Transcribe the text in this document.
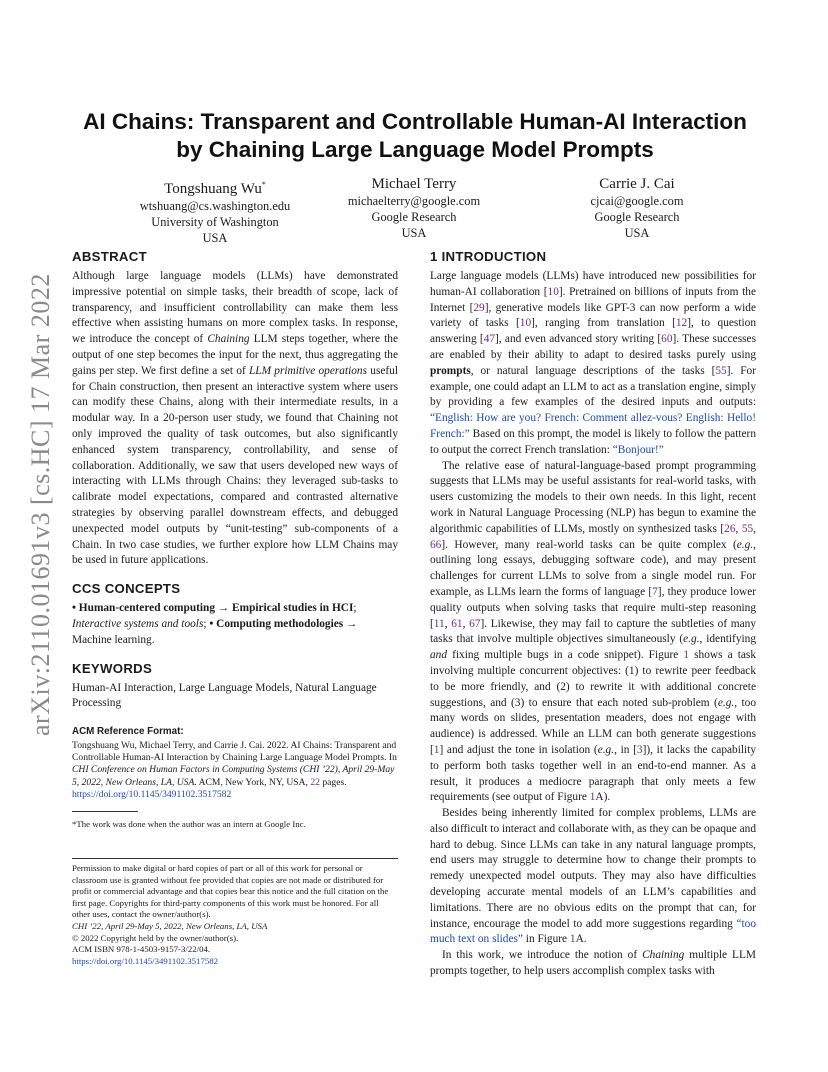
arXiv:2110.01691v3 [cs.HC] 17 Mar 2022
AI Chains: Transparent and Controllable Human-AI Interaction
by Chaining Large Language Model Prompts
Tongshuang Wu*
wtshuang@cs.washington.edu
University of Washington
USA
Michael Terry
michaelterry@google.com
Google Research
USA
Carrie J. Cai
cjcai@google.com
Google Research
USA
ABSTRACT

Although large language models (LLMs) have demonstrated impressive potential on simple tasks, their breadth of scope, lack of transparency, and insufficient controllability can make them less effective when assisting humans on more complex tasks. In response, we introduce the concept of Chaining LLM steps together, where the output of one step becomes the input for the next, thus aggregating the gains per step. We first define a set of LLM primitive operations useful for Chain construction, then present an interactive system where users can modify these Chains, along with their intermediate results, in a modular way. In a 20-person user study, we found that Chaining not only improved the quality of task outcomes, but also significantly enhanced system transparency, controllability, and sense of collaboration. Additionally, we saw that users developed new ways of interacting with LLMs through Chains: they leveraged sub-tasks to calibrate model expectations, compared and contrasted alternative strategies by observing parallel downstream effects, and debugged unexpected model outputs by “unit-testing” sub-components of a Chain. In two case studies, we further explore how LLM Chains may be used in future applications.

CCS CONCEPTS

• Human-centered computing → Empirical studies in HCI; Interactive systems and tools; • Computing methodologies → Machine learning.

KEYWORDS

Human-AI Interaction, Large Language Models, Natural Language Processing

ACM Reference Format:

Tongshuang Wu, Michael Terry, and Carrie J. Cai. 2022. AI Chains: Transparent and Controllable Human-AI Interaction by Chaining Large Language Model Prompts. In CHI Conference on Human Factors in Computing Systems (CHI ’22), April 29-May 5, 2022, New Orleans, LA, USA. ACM, New York, NY, USA, 22 pages. https://doi.org/10.1145/3491102.3517582

*The work was done when the author was an intern at Google Inc.

Permission to make digital or hard copies of part or all of this work for personal or classroom use is granted without fee provided that copies are not made or distributed for profit or commercial advantage and that copies bear this notice and the full citation on the first page. Copyrights for third-party components of this work must be honored. For all other uses, contact the owner/author(s).

CHI ’22, April 29-May 5, 2022, New Orleans, LA, USA

© 2022 Copyright held by the owner/author(s).

ACM ISBN 978-1-4503-9157-3/22/04.

https://doi.org/10.1145/3491102.3517582

1 INTRODUCTION

Large language models (LLMs) have introduced new possibilities for human-AI collaboration [10]. Pretrained on billions of inputs from the Internet [29], generative models like GPT-3 can now perform a wide variety of tasks [10], ranging from translation [12], to question answering [47], and even advanced story writing [60]. These successes are enabled by their ability to adapt to desired tasks purely using prompts, or natural language descriptions of the tasks [55]. For example, one could adapt an LLM to act as a translation engine, simply by providing a few examples of the desired inputs and outputs: “English: How are you? French: Comment allez-vous? English: Hello! French:” Based on this prompt, the model is likely to follow the pattern to output the correct French translation: “Bonjour!”

The relative ease of natural-language-based prompt programming suggests that LLMs may be useful assistants for real-world tasks, with users customizing the models to their own needs. In this light, recent work in Natural Language Processing (NLP) has begun to examine the algorithmic capabilities of LLMs, mostly on synthesized tasks [26, 55, 66]. However, many real-world tasks can be quite complex (e.g., outlining long essays, debugging software code), and may present challenges for current LLMs to solve from a single model run. For example, as LLMs learn the forms of language [7], they produce lower quality outputs when solving tasks that require multi-step reasoning [11, 61, 67]. Likewise, they may fail to capture the subtleties of many tasks that involve multiple objectives simultaneously (e.g., identifying and fixing multiple bugs in a code snippet). Figure 1 shows a task involving multiple concurrent objectives: (1) to rewrite peer feedback to be more friendly, and (2) to rewrite it with additional concrete suggestions, and (3) to ensure that each noted sub-problem (e.g., too many words on slides, presentation meaders, does not engage with audience) is addressed. While an LLM can both generate suggestions [1] and adjust the tone in isolation (e.g., in [3]), it lacks the capability to perform both tasks together well in an end-to-end manner. As a result, it produces a mediocre paragraph that only meets a few requirements (see output of Figure 1A).

Besides being inherently limited for complex problems, LLMs are also difficult to interact and collaborate with, as they can be opaque and hard to debug. Since LLMs can take in any natural language prompts, end users may struggle to determine how to change their prompts to remedy unexpected model outputs. They may also have difficulties developing accurate mental models of an LLM’s capabilities and limitations. There are no obvious edits on the prompt that can, for instance, encourage the model to add more suggestions regarding “too much text on slides” in Figure 1A.

In this work, we introduce the notion of Chaining multiple LLM prompts together, to help users accomplish complex tasks with
